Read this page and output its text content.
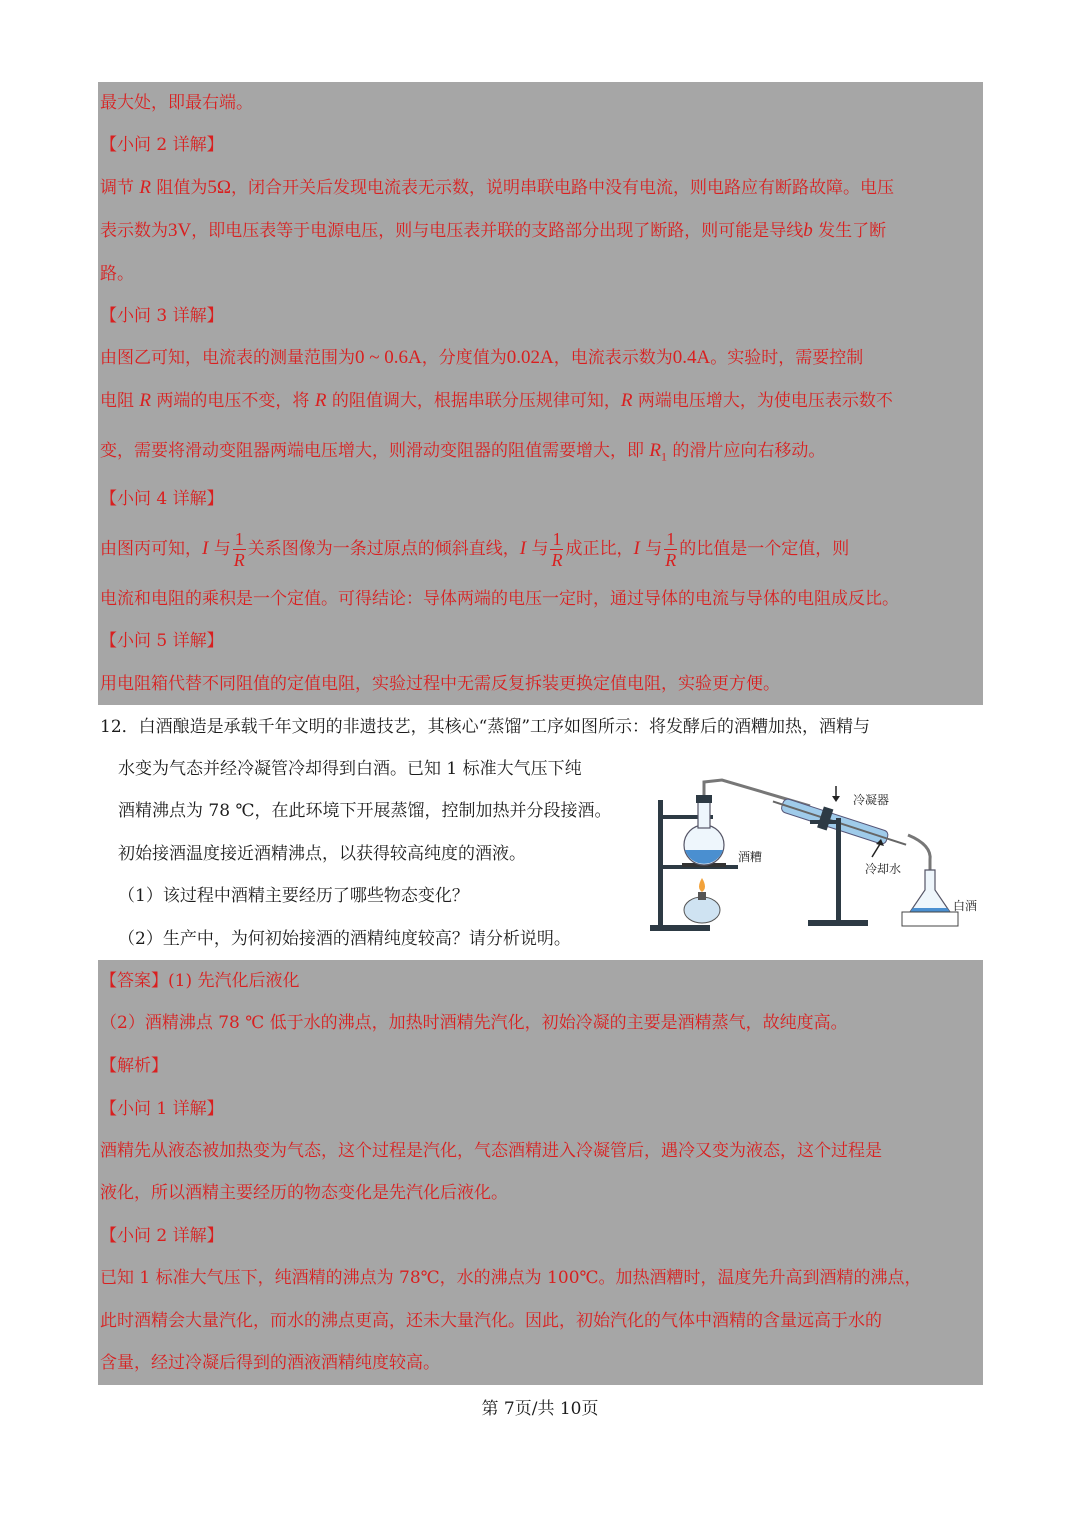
最大处，即最右端。
【小问 2 详解】
调节 R 阻值为5Ω，闭合开关后发现电流表无示数，说明串联电路中没有电流，则电路应有断路故障。电压
表示数为3V，即电压表等于电源电压，则与电压表并联的支路部分出现了断路，则可能是导线b 发生了断
路。
【小问 3 详解】
由图乙可知，电流表的测量范围为0 ~ 0.6A，分度值为0.02A，电流表示数为0.4A。实验时，需要控制
电阻 R 两端的电压不变，将 R 的阻值调大，根据串联分压规律可知，R 两端电压增大，为使电压表示数不
变，需要将滑动变阻器两端电压增大，则滑动变阻器的阻值需要增大，即 $R_1$ 的滑片应向右移动。
【小问 4 详解】
由图丙可知，I 与 $\frac{1}{R}$ 关系图像为一条过原点的倾斜直线，I 与 $\frac{1}{R}$ 成正比，I 与 $\frac{1}{R}$ 的比值是一个定值，则
电流和电阻的乘积是一个定值。可得结论：导体两端的电压一定时，通过导体的电流与导体的电阻成反比。
【小问 5 详解】
用电阻箱代替不同阻值的定值电阻，实验过程中无需反复拆装更换定值电阻，实验更方便。
12．白酒酿造是承载千年文明的非遗技艺，其核心“蒸馏”工序如图所示：将发酵后的酒糟加热，酒精与
水变为气态并经冷凝管冷却得到白酒。已知 1 标准大气压下纯
酒精沸点为 78 ℃，在此环境下开展蒸馏，控制加热并分段接酒。
初始接酒温度接近酒精沸点，以获得较高纯度的酒液。
（1）该过程中酒精主要经历了哪些物态变化？
（2）生产中，为何初始接酒的酒精纯度较高？请分析说明。
冷凝器
酒糟
冷却水
白酒
【答案】(1) 先汽化后液化
（2）酒精沸点 78 ℃ 低于水的沸点，加热时酒精先汽化，初始冷凝的主要是酒精蒸气，故纯度高。
【解析】
【小问 1 详解】
酒精先从液态被加热变为气态，这个过程是汽化，气态酒精进入冷凝管后，遇冷又变为液态，这个过程是
液化，所以酒精主要经历的物态变化是先汽化后液化。
【小问 2 详解】
已知 1 标准大气压下，纯酒精的沸点为 78℃，水的沸点为 100℃。加热酒糟时，温度先升高到酒精的沸点，
此时酒精会大量汽化，而水的沸点更高，还未大量汽化。因此，初始汽化的气体中酒精的含量远高于水的
含量，经过冷凝后得到的酒液酒精纯度较高。
第 7页/共 10页
